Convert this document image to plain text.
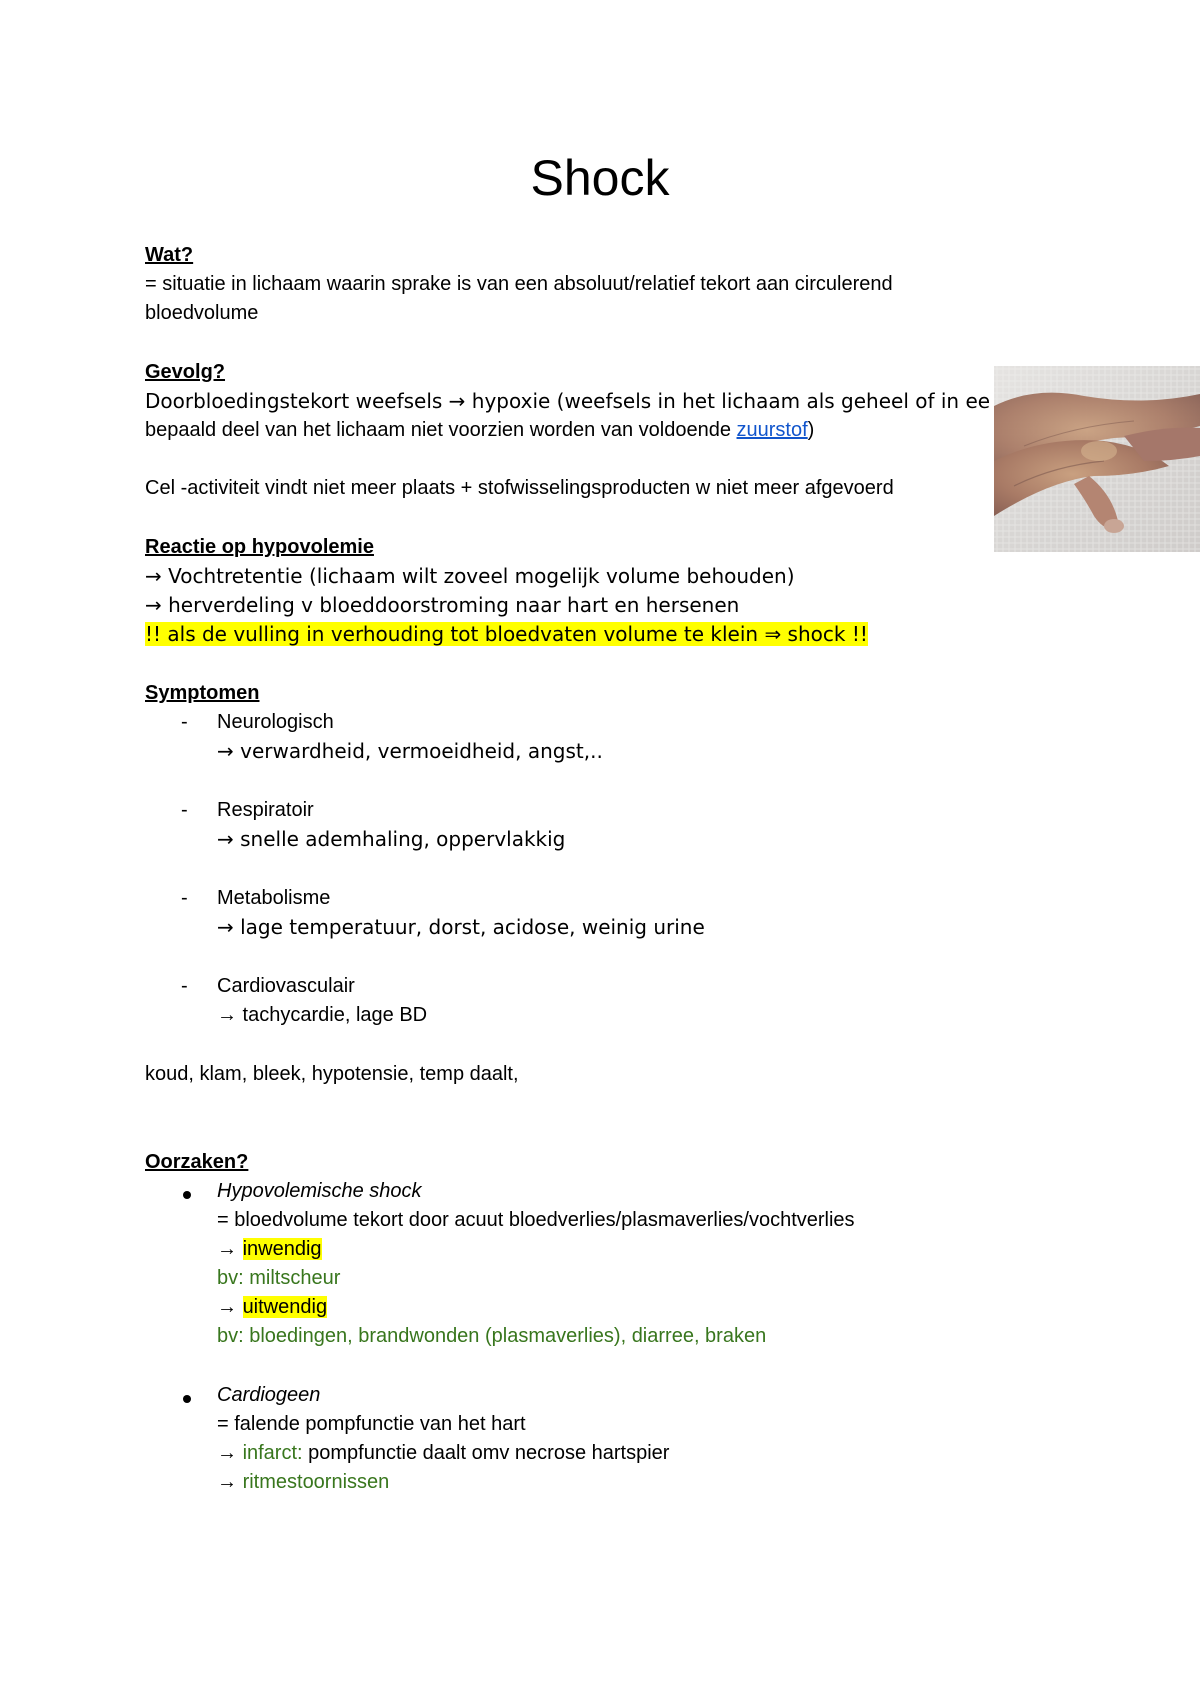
Shock
Wat?
= situatie in lichaam waarin sprake is van een absoluut/relatief tekort aan circulerend
bloedvolume
Gevolg?
Doorbloedingstekort weefsels → hypoxie (weefsels in het lichaam als geheel of in ee
bepaald deel van het lichaam niet voorzien worden van voldoende zuurstof)
Cel -activiteit vindt niet meer plaats + stofwisselingsproducten w niet meer afgevoerd
Reactie op hypovolemie
→ Vochtretentie (lichaam wilt zoveel mogelijk volume behouden)
→ herverdeling v bloeddoorstroming naar hart en hersenen
!! als de vulling in verhouding tot bloedvaten volume te klein ⇒ shock !!
Symptomen
- Neurologisch
→ verwardheid, vermoeidheid, angst,..
- Respiratoir
→ snelle ademhaling, oppervlakkig
- Metabolisme
→ lage temperatuur, dorst, acidose, weinig urine
- Cardiovasculair
→ tachycardie, lage BD
koud, klam, bleek, hypotensie, temp daalt,
Oorzaken?
Hypovolemische shock
= bloedvolume tekort door acuut bloedverlies/plasmaverlies/vochtverlies
→ inwendig
bv: miltscheur
→ uitwendig
bv: bloedingen, brandwonden (plasmaverlies), diarree, braken
Cardiogeen
= falende pompfunctie van het hart
→ infarct: pompfunctie daalt omv necrose hartspier
→ ritmestoornissen
